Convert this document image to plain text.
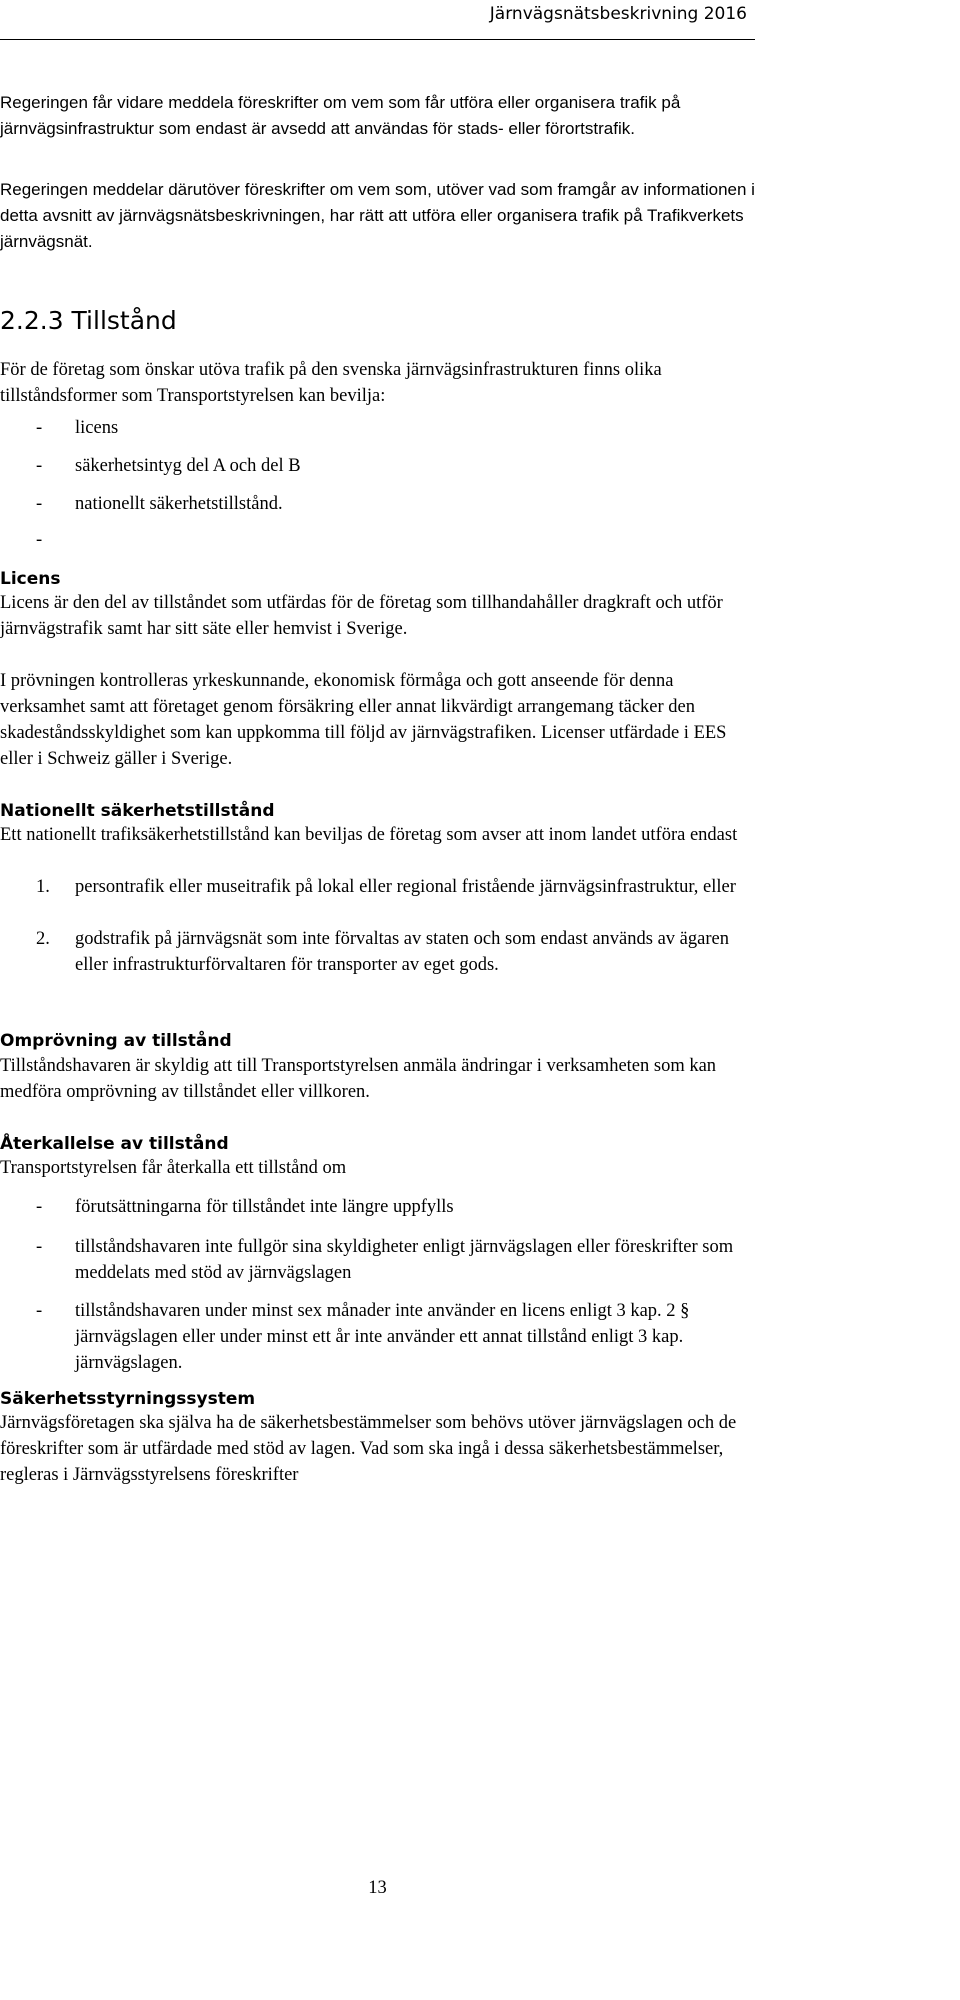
Järnvägsnätsbeskrivning 2016
Regeringen får vidare meddela föreskrifter om vem som får utföra eller organisera trafik på järnvägsinfrastruktur som endast är avsedd att användas för stads- eller förortstrafik.
Regeringen meddelar därutöver föreskrifter om vem som, utöver vad som framgår av informationen i detta avsnitt av järnvägsnätsbeskrivningen, har rätt att utföra eller organisera trafik på Trafikverkets järnvägsnät.
2.2.3 Tillstånd
För de företag som önskar utöva trafik på den svenska järnvägsinfrastrukturen finns olika tillståndsformer som Transportstyrelsen kan bevilja:
- licens
- säkerhetsintyg del A och del B
- nationellt säkerhetstillstånd.
-
Licens
Licens är den del av tillståndet som utfärdas för de företag som tillhandahåller dragkraft och utför järnvägstrafik samt har sitt säte eller hemvist i Sverige.
I prövningen kontrolleras yrkeskunnande, ekonomisk förmåga och gott anseende för denna verksamhet samt att företaget genom försäkring eller annat likvärdigt arrangemang täcker den skadeståndsskyldighet som kan uppkomma till följd av järnvägstrafiken. Licenser utfärdade i EES eller i Schweiz gäller i Sverige.
Nationellt säkerhetstillstånd
Ett nationellt trafiksäkerhetstillstånd kan beviljas de företag som avser att inom landet utföra endast
1. persontrafik eller museitrafik på lokal eller regional fristående järnvägsinfrastruktur, eller
2. godstrafik på järnvägsnät som inte förvaltas av staten och som endast används av ägaren eller infrastrukturförvaltaren för transporter av eget gods.
Omprövning av tillstånd
Tillståndshavaren är skyldig att till Transportstyrelsen anmäla ändringar i verksamheten som kan medföra omprövning av tillståndet eller villkoren.
Återkallelse av tillstånd
Transportstyrelsen får återkalla ett tillstånd om
- förutsättningarna för tillståndet inte längre uppfylls
- tillståndshavaren inte fullgör sina skyldigheter enligt järnvägslagen eller föreskrifter som meddelats med stöd av järnvägslagen
- tillståndshavaren under minst sex månader inte använder en licens enligt 3 kap. 2 § järnvägslagen eller under minst ett år inte använder ett annat tillstånd enligt 3 kap. järnvägslagen.
Säkerhetsstyrningssystem
Järnvägsföretagen ska själva ha de säkerhetsbestämmelser som behövs utöver järnvägslagen och de föreskrifter som är utfärdade med stöd av lagen. Vad som ska ingå i dessa säkerhetsbestämmelser, regleras i Järnvägsstyrelsens föreskrifter
13
